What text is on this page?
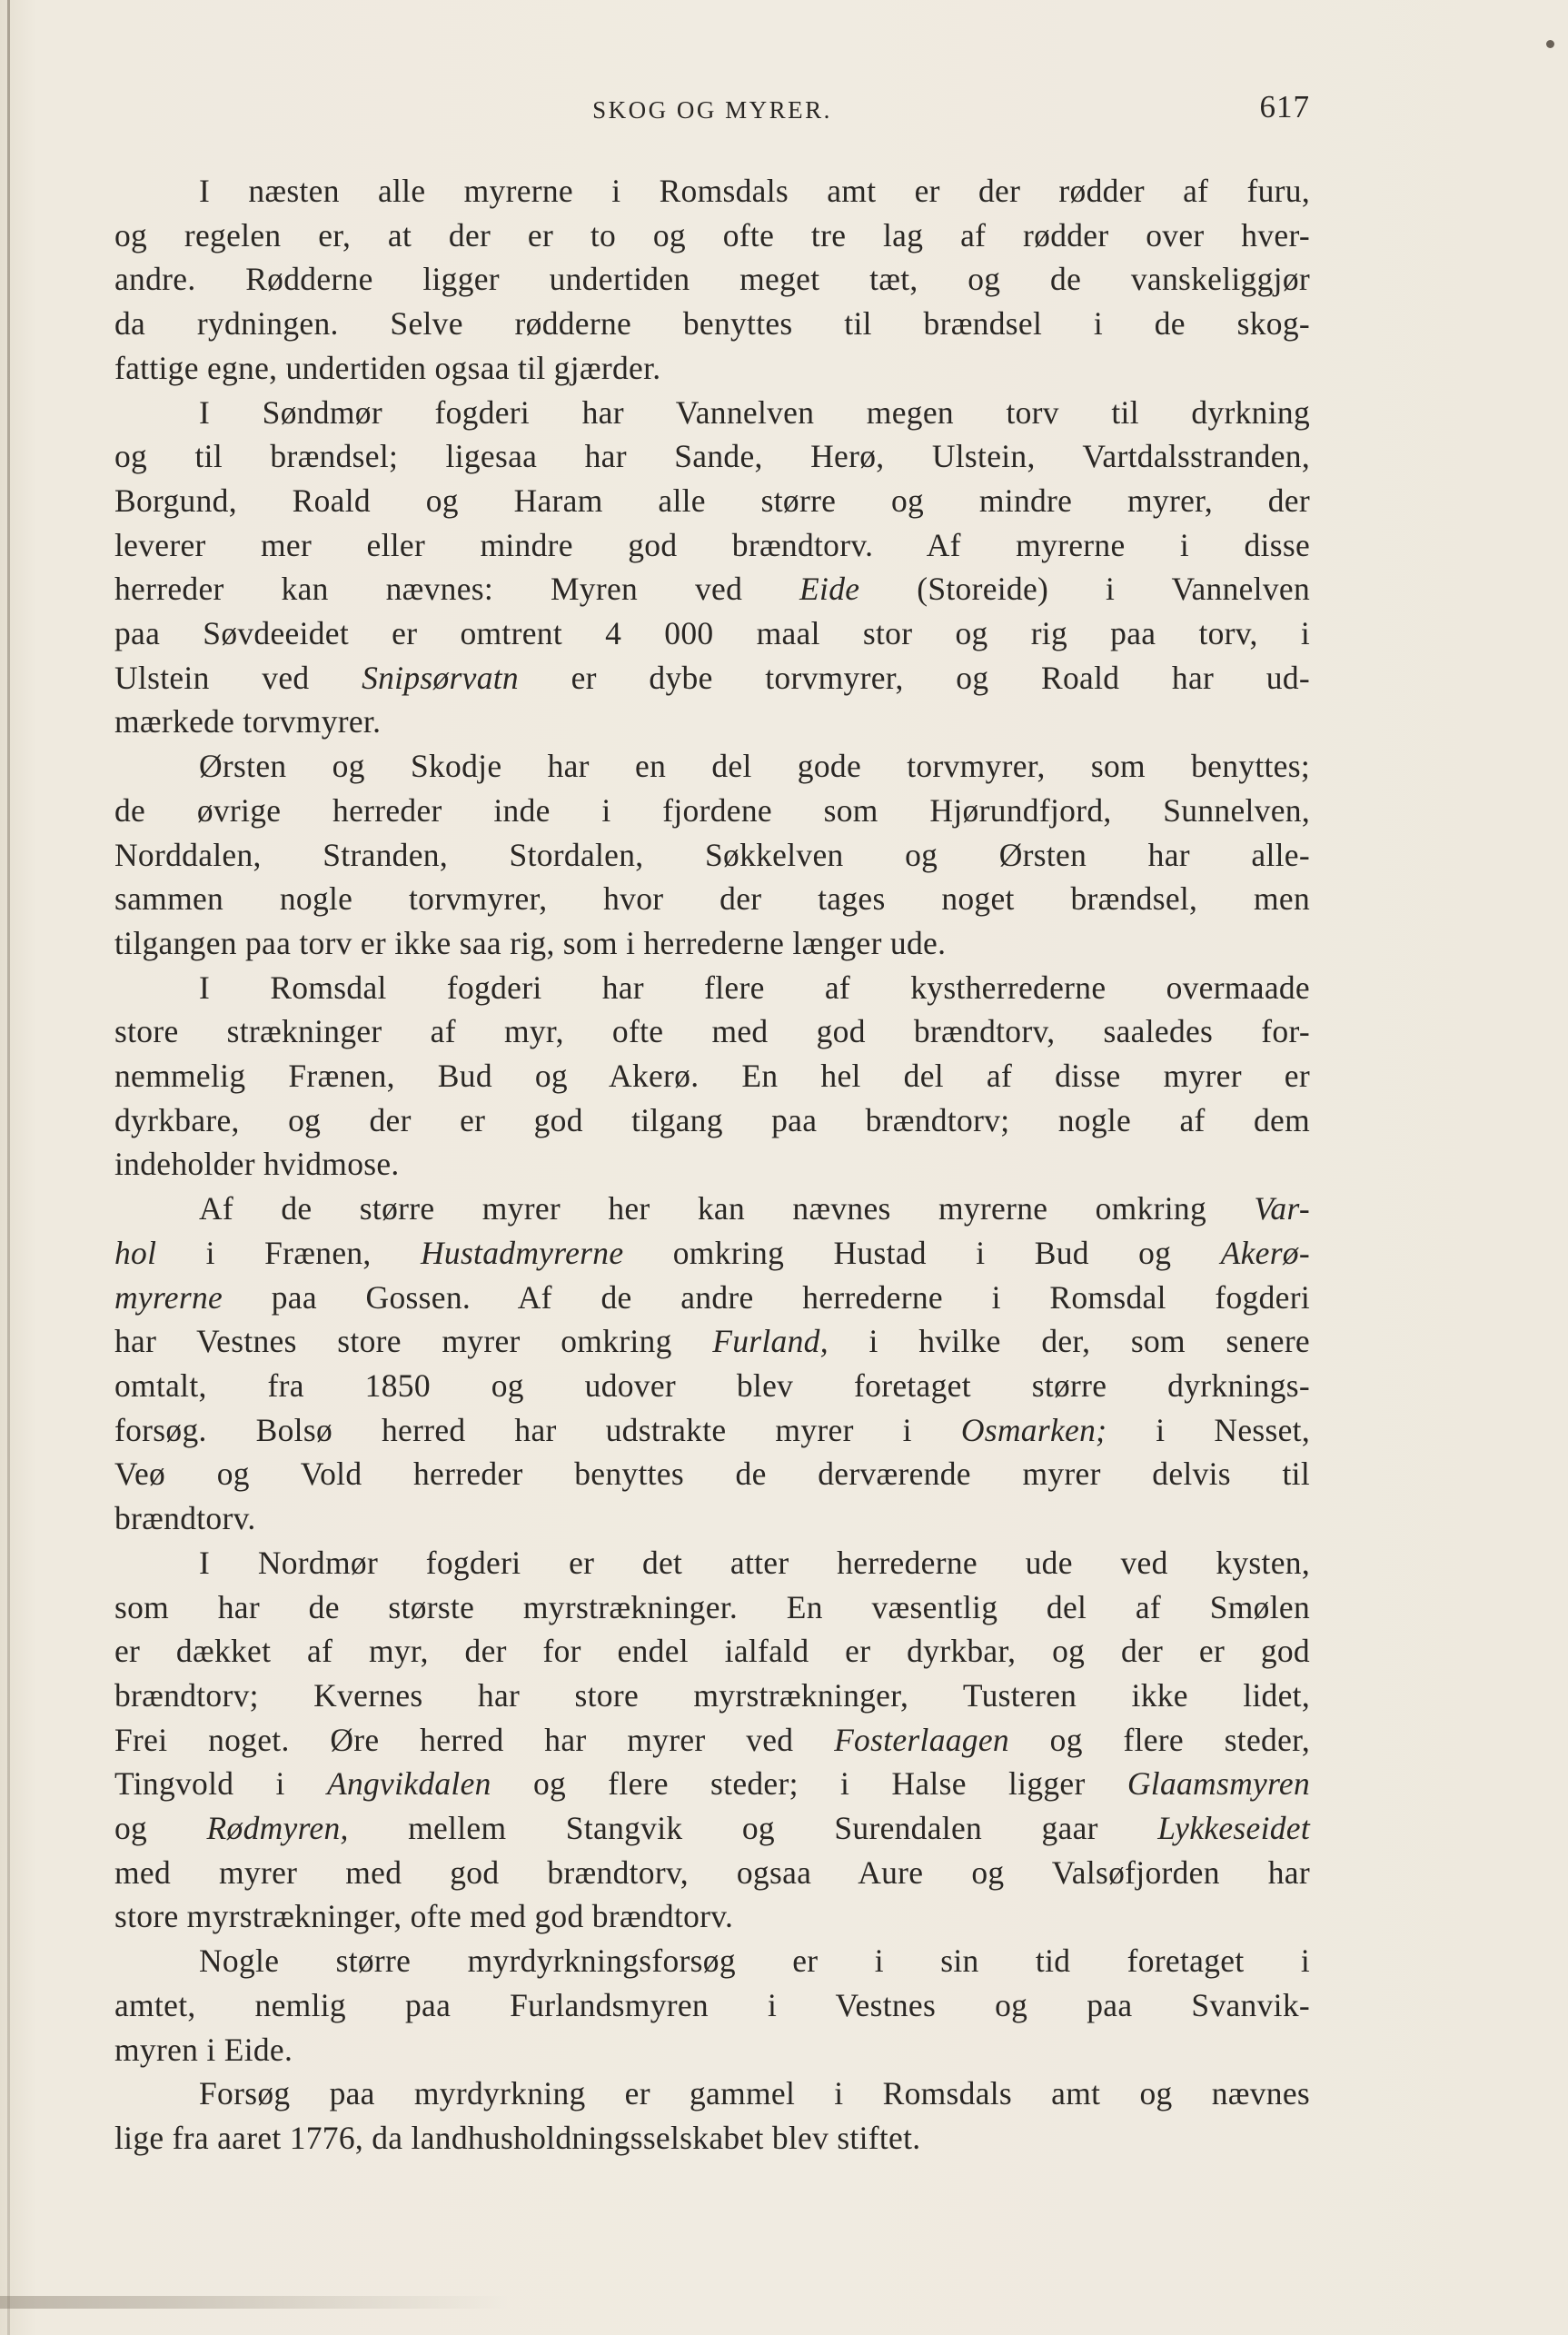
SKOG OG MYRER.	617
I næsten alle myrerne i Romsdals amt er der rødder af furu,
og regelen er, at der er to og ofte tre lag af rødder over hver-
andre. Rødderne ligger undertiden meget tæt, og de vanskeliggjør
da rydningen. Selve rødderne benyttes til brændsel i de skog-
fattige egne, undertiden ogsaa til gjærder.
I Søndmør fogderi har Vannelven megen torv til dyrkning
og til brændsel; ligesaa har Sande, Herø, Ulstein, Vartdalsstranden,
Borgund, Roald og Haram alle større og mindre myrer, der
leverer mer eller mindre god brændtorv. Af myrerne i disse
herreder kan nævnes: Myren ved Eide (Storeide) i Vannelven
paa Søvdeeidet er omtrent 4 000 maal stor og rig paa torv, i
Ulstein ved Snipsørvatn er dybe torvmyrer, og Roald har ud-
mærkede torvmyrer.
Ørsten og Skodje har en del gode torvmyrer, som benyttes;
de øvrige herreder inde i fjordene som Hjørundfjord, Sunnelven,
Norddalen, Stranden, Stordalen, Søkkelven og Ørsten har alle-
sammen nogle torvmyrer, hvor der tages noget brændsel, men
tilgangen paa torv er ikke saa rig, som i herrederne længer ude.
I Romsdal fogderi har flere af kystherrederne overmaade
store strækninger af myr, ofte med god brændtorv, saaledes for-
nemmelig Frænen, Bud og Akerø. En hel del af disse myrer er
dyrkbare, og der er god tilgang paa brændtorv; nogle af dem
indeholder hvidmose.
Af de større myrer her kan nævnes myrerne omkring Var-
hol i Frænen, Hustadmyrerne omkring Hustad i Bud og Akerø-
myrerne paa Gossen. Af de andre herrederne i Romsdal fogderi
har Vestnes store myrer omkring Furland, i hvilke der, som senere
omtalt, fra 1850 og udover blev foretaget større dyrknings-
forsøg. Bolsø herred har udstrakte myrer i Osmarken; i Nesset,
Veø og Vold herreder benyttes de derværende myrer delvis til
brændtorv.
I Nordmør fogderi er det atter herrederne ude ved kysten,
som har de største myrstrækninger. En væsentlig del af Smølen
er dækket af myr, der for endel ialfald er dyrkbar, og der er god
brændtorv; Kvernes har store myrstrækninger, Tusteren ikke lidet,
Frei noget. Øre herred har myrer ved Fosterlaagen og flere steder,
Tingvold i Angvikdalen og flere steder; i Halse ligger Glaamsmyren
og Rødmyren, mellem Stangvik og Surendalen gaar Lykkeseidet
med myrer med god brændtorv, ogsaa Aure og Valsøfjorden har
store myrstrækninger, ofte med god brændtorv.
Nogle større myrdyrkningsforsøg er i sin tid foretaget i
amtet, nemlig paa Furlandsmyren i Vestnes og paa Svanvik-
myren i Eide.
Forsøg paa myrdyrkning er gammel i Romsdals amt og nævnes
lige fra aaret 1776, da landhusholdningsselskabet blev stiftet.
